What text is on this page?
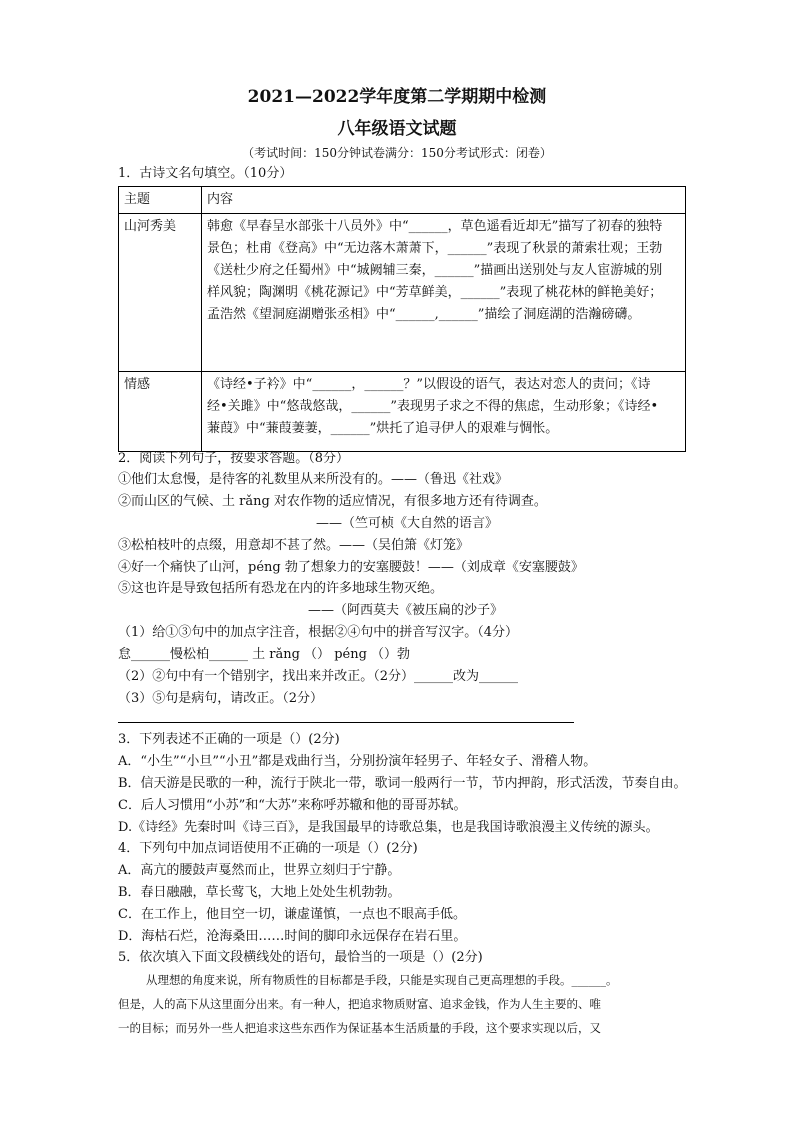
2021—2022学年度第二学期期中检测
八年级语文试题
（考试时间：150分钟试卷满分：150分考试形式：闭卷）
1．古诗文名句填空。（10分）
主题	内容
山河秀美	韩愈《早春呈水部张十八员外》中“______，草色遥看近却无”描写了初春的独特
景色；杜甫《登高》中“无边落木萧萧下，______”表现了秋景的萧索壮观；王勃
《送杜少府之任蜀州》中“城阙辅三秦，______”描画出送别处与友人宦游城的别
样风貌；陶渊明《桃花源记》中“芳草鲜美，______”表现了桃花林的鲜艳美好；
孟浩然《望洞庭湖赠张丞相》中“______,______”描绘了洞庭湖的浩瀚磅礴。

情感	《诗经•子衿》中“______，______？”以假设的语气，表达对恋人的责问；《诗
经•关雎》中“悠哉悠哉，______”表现男子求之不得的焦虑，生动形象；《诗经•
蒹葭》中“蒹葭萋萋，______”烘托了追寻伊人的艰难与惆怅。
2．阅读下列句子，按要求答题。（8分）
①他们太怠慢，是待客的礼数里从来所没有的。——（鲁迅《社戏》
②而山区的气候、土 rǎng 对农作物的适应情况，有很多地方还有待调查。
——（竺可桢《大自然的语言》
③松柏枝叶的点缀，用意却不甚了然。——（吴伯箫《灯笼》
④好一个痛快了山河，péng 勃了想象力的安塞腰鼓！——（刘成章《安塞腰鼓》
⑤这也许是导致包括所有恐龙在内的许多地球生物灭绝。
——（阿西莫夫《被压扁的沙子》
（1）给①③句中的加点字注音，根据②④句中的拼音写汉字。（4分）
怠______慢松柏______ 土 rǎng （） péng （）勃
（2）②句中有一个错别字，找出来并改正。（2分）______改为______
（3）⑤句是病句，请改正。（2分）
3．下列表述不正确的一项是（）(2分)
A．“小生”“小旦”“小丑”都是戏曲行当，分别扮演年轻男子、年轻女子、滑稽人物。
B．信天游是民歌的一种，流行于陕北一带，歌词一般两行一节，节内押韵，形式活泼，节奏自由。
C．后人习惯用“小苏”和“大苏”来称呼苏辙和他的哥哥苏轼。
D.《诗经》先秦时叫《诗三百》，是我国最早的诗歌总集，也是我国诗歌浪漫主义传统的源头。
4．下列句中加点词语使用不正确的一项是（）(2分)
A．高亢的腰鼓声戛然而止，世界立刻归于宁静。
B．春日融融，草长莺飞，大地上处处生机勃勃。
C．在工作上，他目空一切，谦虚谨慎，一点也不眼高手低。
D．海枯石烂，沧海桑田……时间的脚印永远保存在岩石里。
5．依次填入下面文段横线处的语句，最恰当的一项是（）(2分)
从理想的角度来说，所有物质性的目标都是手段，只能是实现自己更高理想的手段。______。
但是，人的高下从这里面分出来。有一种人，把追求物质财富、追求金钱，作为人生主要的、唯
一的目标；而另外一些人把追求这些东西作为保证基本生活质量的手段，这个要求实现以后，又
